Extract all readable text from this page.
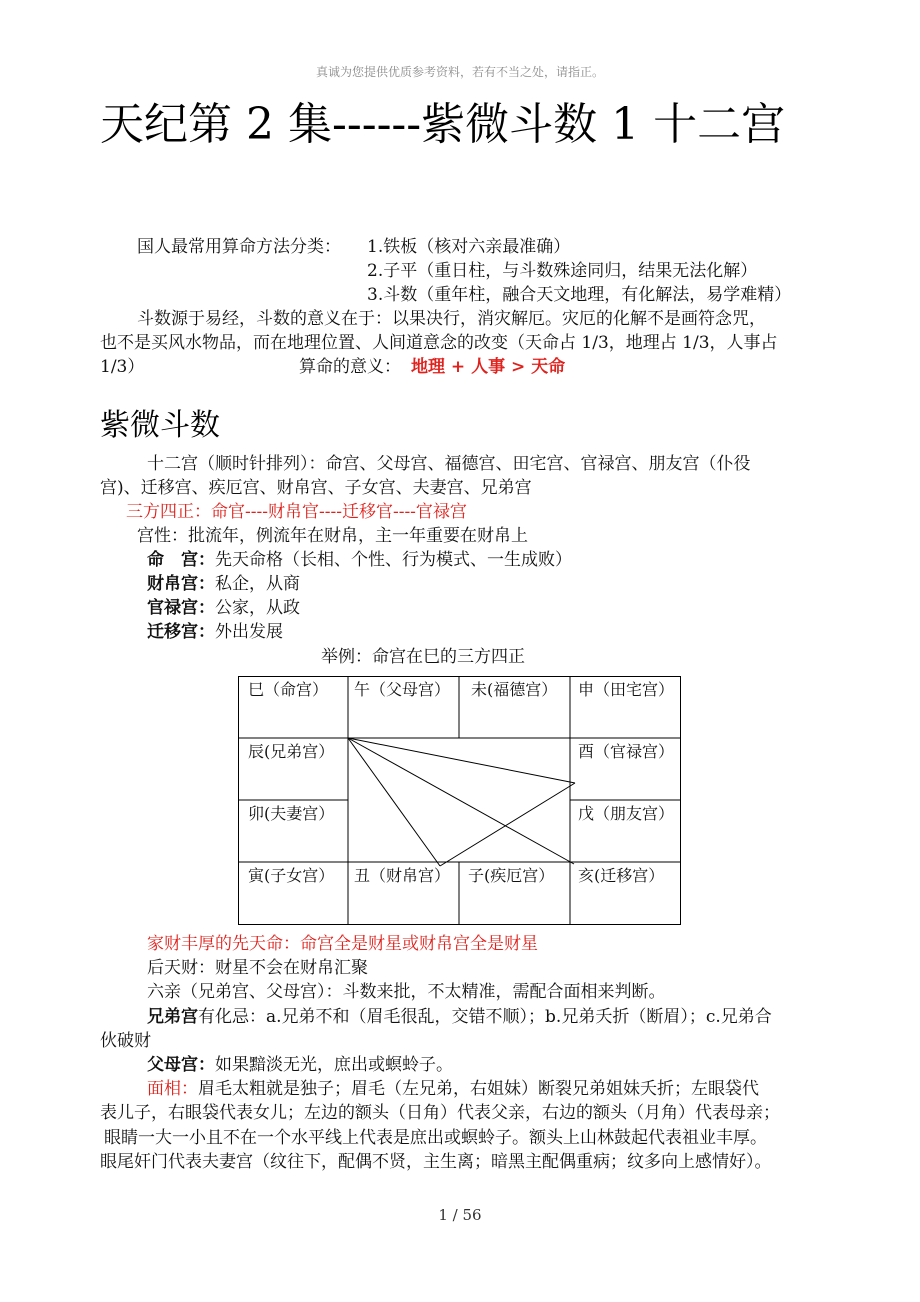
真诚为您提供优质参考资料，若有不当之处，请指正。
天纪第 2 集------紫微斗数 1 十二宫
国人最常用算命方法分类： 1.铁板（核对六亲最准确）
2.子平（重日柱，与斗数殊途同归，结果无法化解）
3.斗数（重年柱，融合天文地理，有化解法，易学难精）
斗数源于易经，斗数的意义在于：以果决行，消灾解厄。灾厄的化解不是画符念咒，
也不是买风水物品，而在地理位置、人间道意念的改变（天命占 1/3，地理占 1/3，人事占
1/3）	算命的意义： 地理 + 人事 > 天命
紫微斗数
十二宫（顺时针排列）：命宫、父母宫、福德宫、田宅宫、官禄宫、朋友宫（仆役
宫)、迁移宫、疾厄宫、财帛宫、子女宫、夫妻宫、兄弟宫
三方四正：命官----财帛官----迁移官----官禄宫
宫性：批流年，例流年在财帛，主一年重要在财帛上
命　宫：先天命格（长相、个性、行为模式、一生成败）
财帛宫：私企，从商
官禄宫：公家，从政
迁移宫：外出发展
举例：命宫在巳的三方四正
巳（命宫） 午（父母宫） 未(福德宫） 申（田宅宫）
辰(兄弟宫）	酉（官禄宫）
卯(夫妻宫）	戊（朋友宫）
寅(子女宫） 丑（财帛宫） 子(疾厄宫） 亥(迁移宫）
家财丰厚的先天命：命宫全是财星或财帛宫全是财星
后天财：财星不会在财帛汇聚
六亲（兄弟宫、父母宫）：斗数来批，不太精准，需配合面相来判断。
兄弟宫有化忌：a.兄弟不和（眉毛很乱，交错不顺）；b.兄弟夭折（断眉）；c.兄弟合
伙破财
父母宫：如果黯淡无光，庶出或螟蛉子。
面相：眉毛太粗就是独子；眉毛（左兄弟，右姐妹）断裂兄弟姐妹夭折；左眼袋代
表儿子，右眼袋代表女儿；左边的额头（日角）代表父亲，右边的额头（月角）代表母亲；
眼睛一大一小且不在一个水平线上代表是庶出或螟蛉子。额头上山林鼓起代表祖业丰厚。
眼尾奸门代表夫妻宫（纹往下，配偶不贤，主生离；暗黑主配偶重病；纹多向上感情好）。
1 / 56
